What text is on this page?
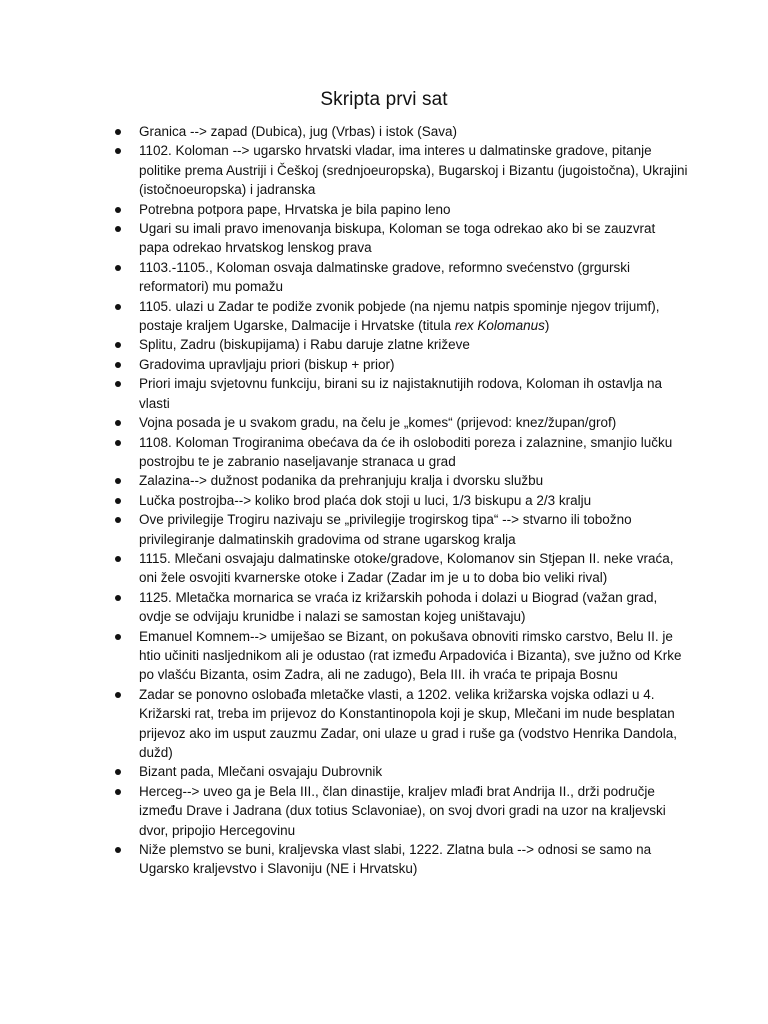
Skripta prvi sat
Granica --> zapad (Dubica), jug (Vrbas) i istok (Sava)
1102. Koloman --> ugarsko hrvatski vladar, ima interes u dalmatinske gradove, pitanje politike prema Austriji i Češkoj (srednjoeuropska), Bugarskoj i Bizantu (jugoistočna), Ukrajini (istočnoeuropska) i jadranska
Potrebna potpora pape, Hrvatska je bila papino leno
Ugari su imali pravo imenovanja biskupa, Koloman se toga odrekao ako bi se zauzvrat papa odrekao hrvatskog lenskog prava
1103.-1105., Koloman osvaja dalmatinske gradove, reformno svećenstvo (grgurski reformatori) mu pomažu
1105. ulazi u Zadar te podiže zvonik pobjede (na njemu natpis spominje njegov trijumf), postaje kraljem Ugarske, Dalmacije i Hrvatske (titula rex Kolomanus)
Splitu, Zadru (biskupijama) i Rabu daruje zlatne križeve
Gradovima upravljaju priori (biskup + prior)
Priori imaju svjetovnu funkciju, birani su iz najistaknutijih rodova, Koloman ih ostavlja na vlasti
Vojna posada je u svakom gradu, na čelu je „komes“ (prijevod: knez/župan/grof)
1108. Koloman Trogiranima obećava da će ih osloboditi poreza i zalaznine, smanjio lučku postrojbu te je zabranio naseljavanje stranaca u grad
Zalazina--> dužnost podanika da prehranjuju kralja i dvorsku službu
Lučka postrojba--> koliko brod plaća dok stoji u luci, 1/3 biskupu a 2/3 kralju
Ove privilegije Trogiru nazivaju se „privilegije trogirskog tipa“ --> stvarno ili tobožno privilegiranje dalmatinskih gradovima od strane ugarskog kralja
1115. Mlečani osvajaju dalmatinske otoke/gradove, Kolomanov sin Stjepan II. neke vraća, oni žele osvojiti kvarnerske otoke i Zadar (Zadar im je u to doba bio veliki rival)
1125. Mletačka mornarica se vraća iz križarskih pohoda i dolazi u Biograd (važan grad, ovdje se odvijaju krunidbe i nalazi se samostan kojeg uništavaju)
Emanuel Komnem--> umiješao se Bizant, on pokušava obnoviti rimsko carstvo, Belu II. je htio učiniti nasljednikom ali je odustao (rat između Arpadovića i Bizanta), sve južno od Krke po vlašću Bizanta, osim Zadra, ali ne zadugo), Bela III. ih vraća te pripaja Bosnu
Zadar se ponovno oslobađa mletačke vlasti, a 1202. velika križarska vojska odlazi u 4. Križarski rat, treba im prijevoz do Konstantinopola koji je skup, Mlečani im nude besplatan prijevoz ako im usput zauzmu Zadar, oni ulaze u grad i ruše ga (vodstvo Henrika Dandola, dužd)
Bizant pada, Mlečani osvajaju Dubrovnik
Herceg--> uveo ga je Bela III., član dinastije, kraljev mlađi brat Andrija II., drži područje između Drave i Jadrana (dux totius Sclavoniae), on svoj dvori gradi na uzor na kraljevski dvor, pripojio Hercegovinu
Niže plemstvo se buni, kraljevska vlast slabi, 1222. Zlatna bula --> odnosi se samo na Ugarsko kraljevstvo i Slavoniju (NE i Hrvatsku)
